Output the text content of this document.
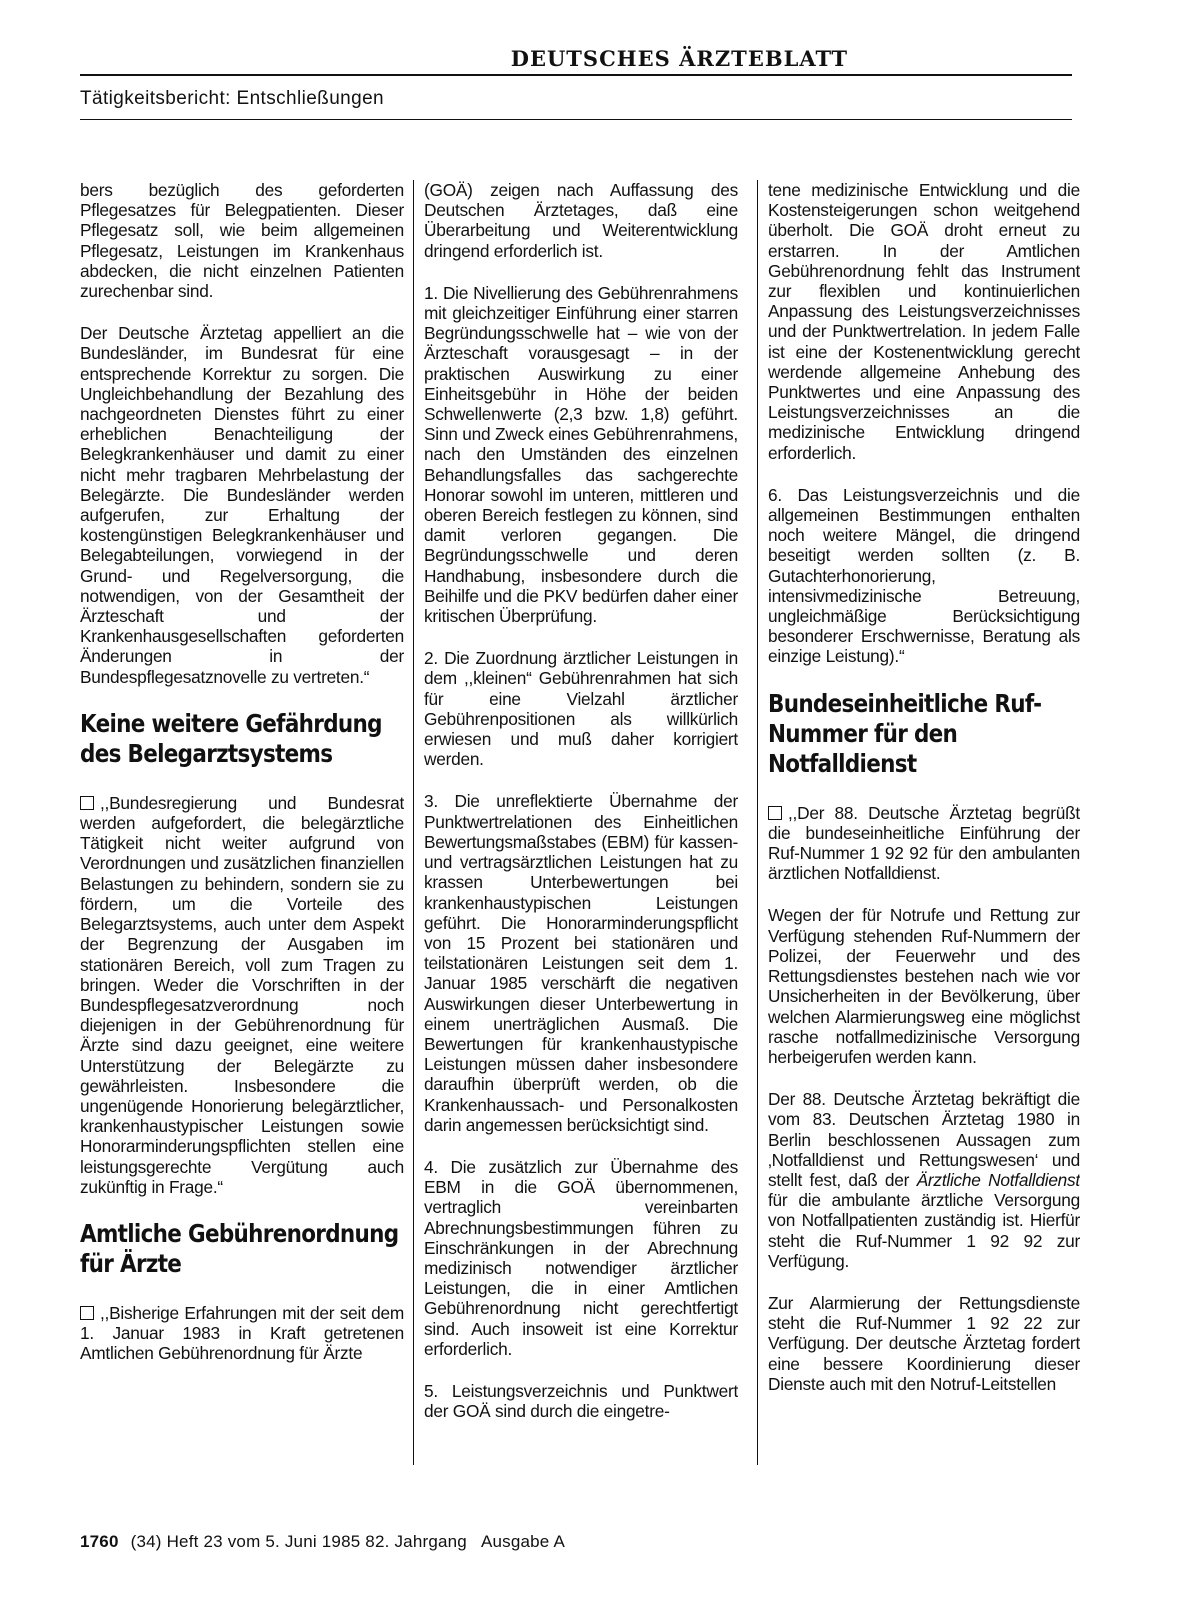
DEUTSCHES ÄRZTEBLATT
Tätigkeitsbericht: Entschließungen

bers bezüglich des geforderten Pflegesatzes für Belegpatienten. Dieser Pflegesatz soll, wie beim allgemeinen Pflegesatz, Leistungen im Krankenhaus abdecken, die nicht einzelnen Patienten zurechenbar sind.

Der Deutsche Ärztetag appelliert an die Bundesländer, im Bundesrat für eine entsprechende Korrektur zu sorgen. Die Ungleichbehandlung der Bezahlung des nachgeordneten Dienstes führt zu einer erheblichen Benachteiligung der Belegkrankenhäuser und damit zu einer nicht mehr tragbaren Mehrbelastung der Belegärzte. Die Bundesländer werden aufgerufen, zur Erhaltung der kostengünstigen Belegkrankenhäuser und Belegabteilungen, vorwiegend in der Grund- und Regelversorgung, die notwendigen, von der Gesamtheit der Ärzteschaft und der Krankenhausgesellschaften geforderten Änderungen in der Bundespflegesatznovelle zu vertreten.“

Keine weitere Gefährdung des Belegarztsystems

,,Bundesregierung und Bundesrat werden aufgefordert, die belegärztliche Tätigkeit nicht weiter aufgrund von Verordnungen und zusätzlichen finanziellen Belastungen zu behindern, sondern sie zu fördern, um die Vorteile des Belegarztsystems, auch unter dem Aspekt der Begrenzung der Ausgaben im stationären Bereich, voll zum Tragen zu bringen. Weder die Vorschriften in der Bundespflegesatzverordnung noch diejenigen in der Gebührenordnung für Ärzte sind dazu geeignet, eine weitere Unterstützung der Belegärzte zu gewährleisten. Insbesondere die ungenügende Honorierung belegärztlicher, krankenhaustypischer Leistungen sowie Honorarminderungspflichten stellen eine leistungsgerechte Vergütung auch zukünftig in Frage.“

Amtliche Gebührenordnung für Ärzte

,,Bisherige Erfahrungen mit der seit dem 1. Januar 1983 in Kraft getretenen Amtlichen Gebührenordnung für Ärzte

(GOÄ) zeigen nach Auffassung des Deutschen Ärztetages, daß eine Überarbeitung und Weiterentwicklung dringend erforderlich ist.

1. Die Nivellierung des Gebührenrahmens mit gleichzeitiger Einführung einer starren Begründungsschwelle hat – wie von der Ärzteschaft vorausgesagt – in der praktischen Auswirkung zu einer Einheitsgebühr in Höhe der beiden Schwellenwerte (2,3 bzw. 1,8) geführt. Sinn und Zweck eines Gebührenrahmens, nach den Umständen des einzelnen Behandlungsfalles das sachgerechte Honorar sowohl im unteren, mittleren und oberen Bereich festlegen zu können, sind damit verloren gegangen. Die Begründungsschwelle und deren Handhabung, insbesondere durch die Beihilfe und die PKV bedürfen daher einer kritischen Überprüfung.

2. Die Zuordnung ärztlicher Leistungen in dem ,,kleinen“ Gebührenrahmen hat sich für eine Vielzahl ärztlicher Gebührenpositionen als willkürlich erwiesen und muß daher korrigiert werden.

3. Die unreflektierte Übernahme der Punktwertrelationen des Einheitlichen Bewertungsmaßstabes (EBM) für kassen- und vertragsärztlichen Leistungen hat zu krassen Unterbewertungen bei krankenhaustypischen Leistungen geführt. Die Honorarminderungspflicht von 15 Prozent bei stationären und teilstationären Leistungen seit dem 1. Januar 1985 verschärft die negativen Auswirkungen dieser Unterbewertung in einem unerträglichen Ausmaß. Die Bewertungen für krankenhaustypische Leistungen müssen daher insbesondere daraufhin überprüft werden, ob die Krankenhaussach- und Personalkosten darin angemessen berücksichtigt sind.

4. Die zusätzlich zur Übernahme des EBM in die GOÄ übernommenen, vertraglich vereinbarten Abrechnungsbestimmungen führen zu Einschränkungen in der Abrechnung medizinisch notwendiger ärztlicher Leistungen, die in einer Amtlichen Gebührenordnung nicht gerechtfertigt sind. Auch insoweit ist eine Korrektur erforderlich.

5. Leistungsverzeichnis und Punktwert der GOÄ sind durch die eingetre-

tene medizinische Entwicklung und die Kostensteigerungen schon weitgehend überholt. Die GOÄ droht erneut zu erstarren. In der Amtlichen Gebührenordnung fehlt das Instrument zur flexiblen und kontinuierlichen Anpassung des Leistungsverzeichnisses und der Punktwertrelation. In jedem Falle ist eine der Kostenentwicklung gerecht werdende allgemeine Anhebung des Punktwertes und eine Anpassung des Leistungsverzeichnisses an die medizinische Entwicklung dringend erforderlich.

6. Das Leistungsverzeichnis und die allgemeinen Bestimmungen enthalten noch weitere Mängel, die dringend beseitigt werden sollten (z. B. Gutachterhonorierung, intensivmedizinische Betreuung, ungleichmäßige Berücksichtigung besonderer Erschwernisse, Beratung als einzige Leistung).“

Bundeseinheitliche Ruf-Nummer für den Notfalldienst

,,Der 88. Deutsche Ärztetag begrüßt die bundeseinheitliche Einführung der Ruf-Nummer 1 92 92 für den ambulanten ärztlichen Notfalldienst.

Wegen der für Notrufe und Rettung zur Verfügung stehenden Ruf-Nummern der Polizei, der Feuerwehr und des Rettungsdienstes bestehen nach wie vor Unsicherheiten in der Bevölkerung, über welchen Alarmierungsweg eine möglichst rasche notfallmedizinische Versorgung herbeigerufen werden kann.

Der 88. Deutsche Ärztetag bekräftigt die vom 83. Deutschen Ärztetag 1980 in Berlin beschlossenen Aussagen zum ‚Notfalldienst und Rettungswesen‘ und stellt fest, daß der Ärztliche Notfalldienst für die ambulante ärztliche Versorgung von Notfallpatienten zuständig ist. Hierfür steht die Ruf-Nummer 1 92 92 zur Verfügung.

Zur Alarmierung der Rettungsdienste steht die Ruf-Nummer 1 92 22 zur Verfügung. Der deutsche Ärztetag fordert eine bessere Koordinierung dieser Dienste auch mit den Notruf-Leitstellen

1760 (34) Heft 23 vom 5. Juni 1985 82. Jahrgang Ausgabe A
